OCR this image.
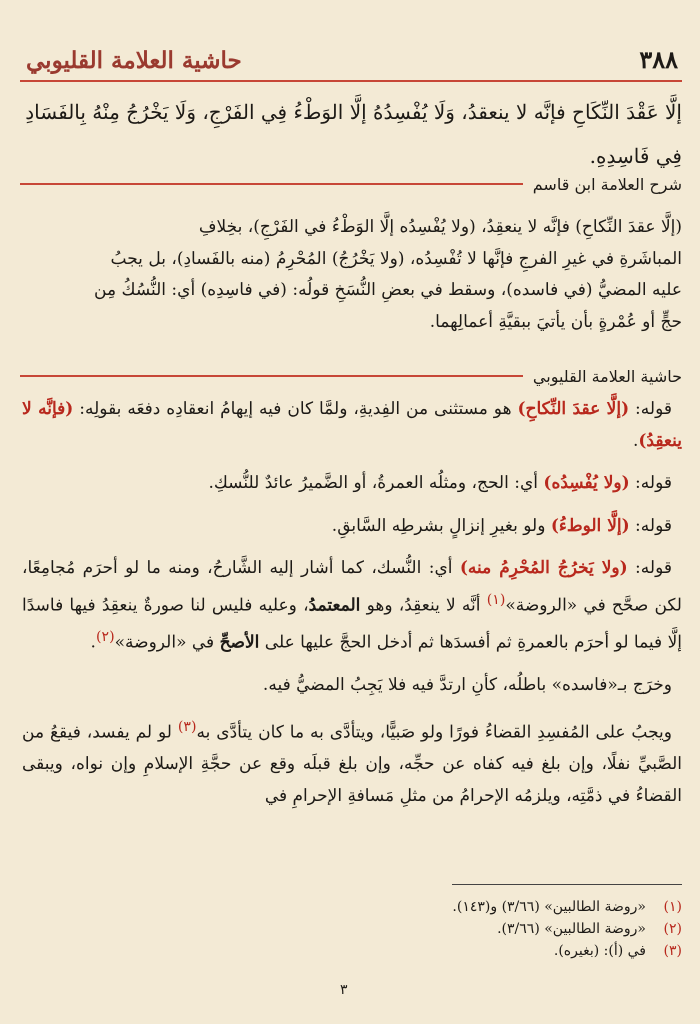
٣٨٨
حاشية العلامة القليوبي

إلَّا عَقْدَ النِّكَاحِ فإنَّه لا ينعقدُ، وَلَا يُفْسِدُهُ إلَّا الوَطْءُ فِي الفَرْجِ، وَلَا يَخْرُجُ مِنْهُ بِالفَسَادِ

فِي فَاسِدِهِ.

شرح العلامة ابن قاسم

(إلَّا عقدَ النِّكاحِ) فإنَّه لا ينعقِدُ، (ولا يُفْسِدُه إلَّا الوَطْءُ في الفَرْجِ)، بخِلافِ

المباشَرةِ في غيرِ الفرجِ فإنَّها لا تُفْسِدُه، (ولا يَخْرُجُ) المُحْرِمُ (منه بالفَسادِ)، بل يجبُ

عليه المضيُّ (في فاسده)، وسقط في بعضِ النُّسَخِ قولُه: (في فاسِدِه) أي: النُّسُكُ مِن

حجٍّ أو عُمْرةٍ بأن يأتيَ ببقيَّةِ أعمالِهما.

حاشية العلامة القليوبي

قوله: (إلَّا عقدَ النِّكاحِ) هو مستثنى من الفِديةِ، ولمَّا كان فيه إيهامُ انعقادِه دفعَه بقولِه: (فإنَّه لا ينعقِدُ).

قوله: (ولا يُفْسِدُه) أي: الحج، ومثلُه العمرةُ، أو الضَّميرُ عائدٌ للنُّسكِ.

قوله: (إلَّا الوطءُ) ولو بغيرِ إنزالٍ بشرطِه السَّابقِ.

قوله: (ولا يَخرُجُ المُحْرِمُ منه) أي: النُّسك، كما أشار إليه الشَّارحُ، ومنه ما لو أحرَم مُجامِعًا، لكن صحَّح في «الروضة»$^{(١)}$ أنَّه لا ينعقِدُ، وهو المعتمدُ، وعليه فليس لنا صورةٌ ينعقِدُ فيها فاسدًا إلَّا فيما لو أحرَم بالعمرةِ ثم أفسدَها ثم أدخل الحجَّ عليها على الأصحِّ في «الروضة»$^{(٢)}$.

وخرَج بـ«فاسده» باطلُه، كأنِ ارتدَّ فيه فلا يَجِبُ المضيُّ فيه.

ويجبُ على المُفسِدِ القضاءُ فورًا ولو صَبيًّا، ويتأدَّى به ما كان يتأدَّى به$^{(٣)}$ لو لم يفسد، فيقعُ من الصَّبيِّ نفلًا، وإن بلغ فيه كفاه عن حجِّه، وإن بلغ قبلَه وقع عن حجَّةِ الإسلامِ وإن نواه، ويبقى القضاءُ في ذمَّتِه، ويلزمُه الإحرامُ من مثلِ مَسافةِ الإحرامِ في

(١)
«روضة الطالبين» (٣/٦٦) و(١٤٣).
(٢)
«روضة الطالبين» (٣/٦٦).
(٣)
في (أ): (بغيره).
٣
